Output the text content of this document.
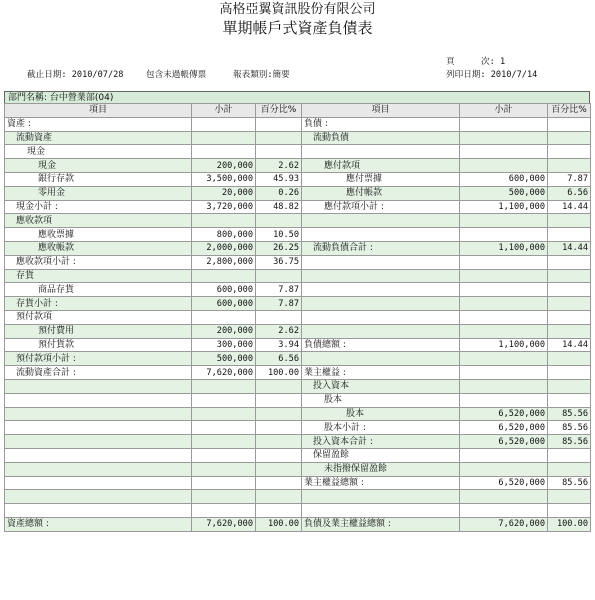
高格亞翼資訊股份有限公司
單期帳戶式資產負債表
頁	次: 1
截止日期: 2010/07/28	包含未過帳傳票	報表類別:簡要	列印日期: 2010/7/14
部門名稱: 台中營業部(04)
項目	小計	百分比%	項目	小計	百分比%
資產 :			負債 :		
流動資產			流動負債		
現金					
現金	200,000	2.62	應付款項		
銀行存款	3,500,000	45.93	應付票據	600,000	7.87
零用金	20,000	0.26	應付帳款	500,000	6.56
現金小計 :	3,720,000	48.82	應付款項小計 :	1,100,000	14.44
應收款項					
應收票據	800,000	10.50			
應收帳款	2,000,000	26.25	流動負債合計 :	1,100,000	14.44
應收款項小計 :	2,800,000	36.75			
存貨					
商品存貨	600,000	7.87			
存貨小計 :	600,000	7.87			
預付款項					
預付費用	200,000	2.62			
預付貨款	300,000	3.94	負債總額 :	1,100,000	14.44
預付款項小計 :	500,000	6.56			
流動資產合計 :	7,620,000	100.00	業主權益 :		
			投入資本		
			股本		
			股本	6,520,000	85.56
			股本小計 :	6,520,000	85.56
			投入資本合計 :	6,520,000	85.56
			保留盈餘		
			未指撥保留盈餘		
			業主權益總額 :	6,520,000	85.56

資產總額 :	7,620,000	100.00	負債及業主權益總額 :	7,620,000	100.00
